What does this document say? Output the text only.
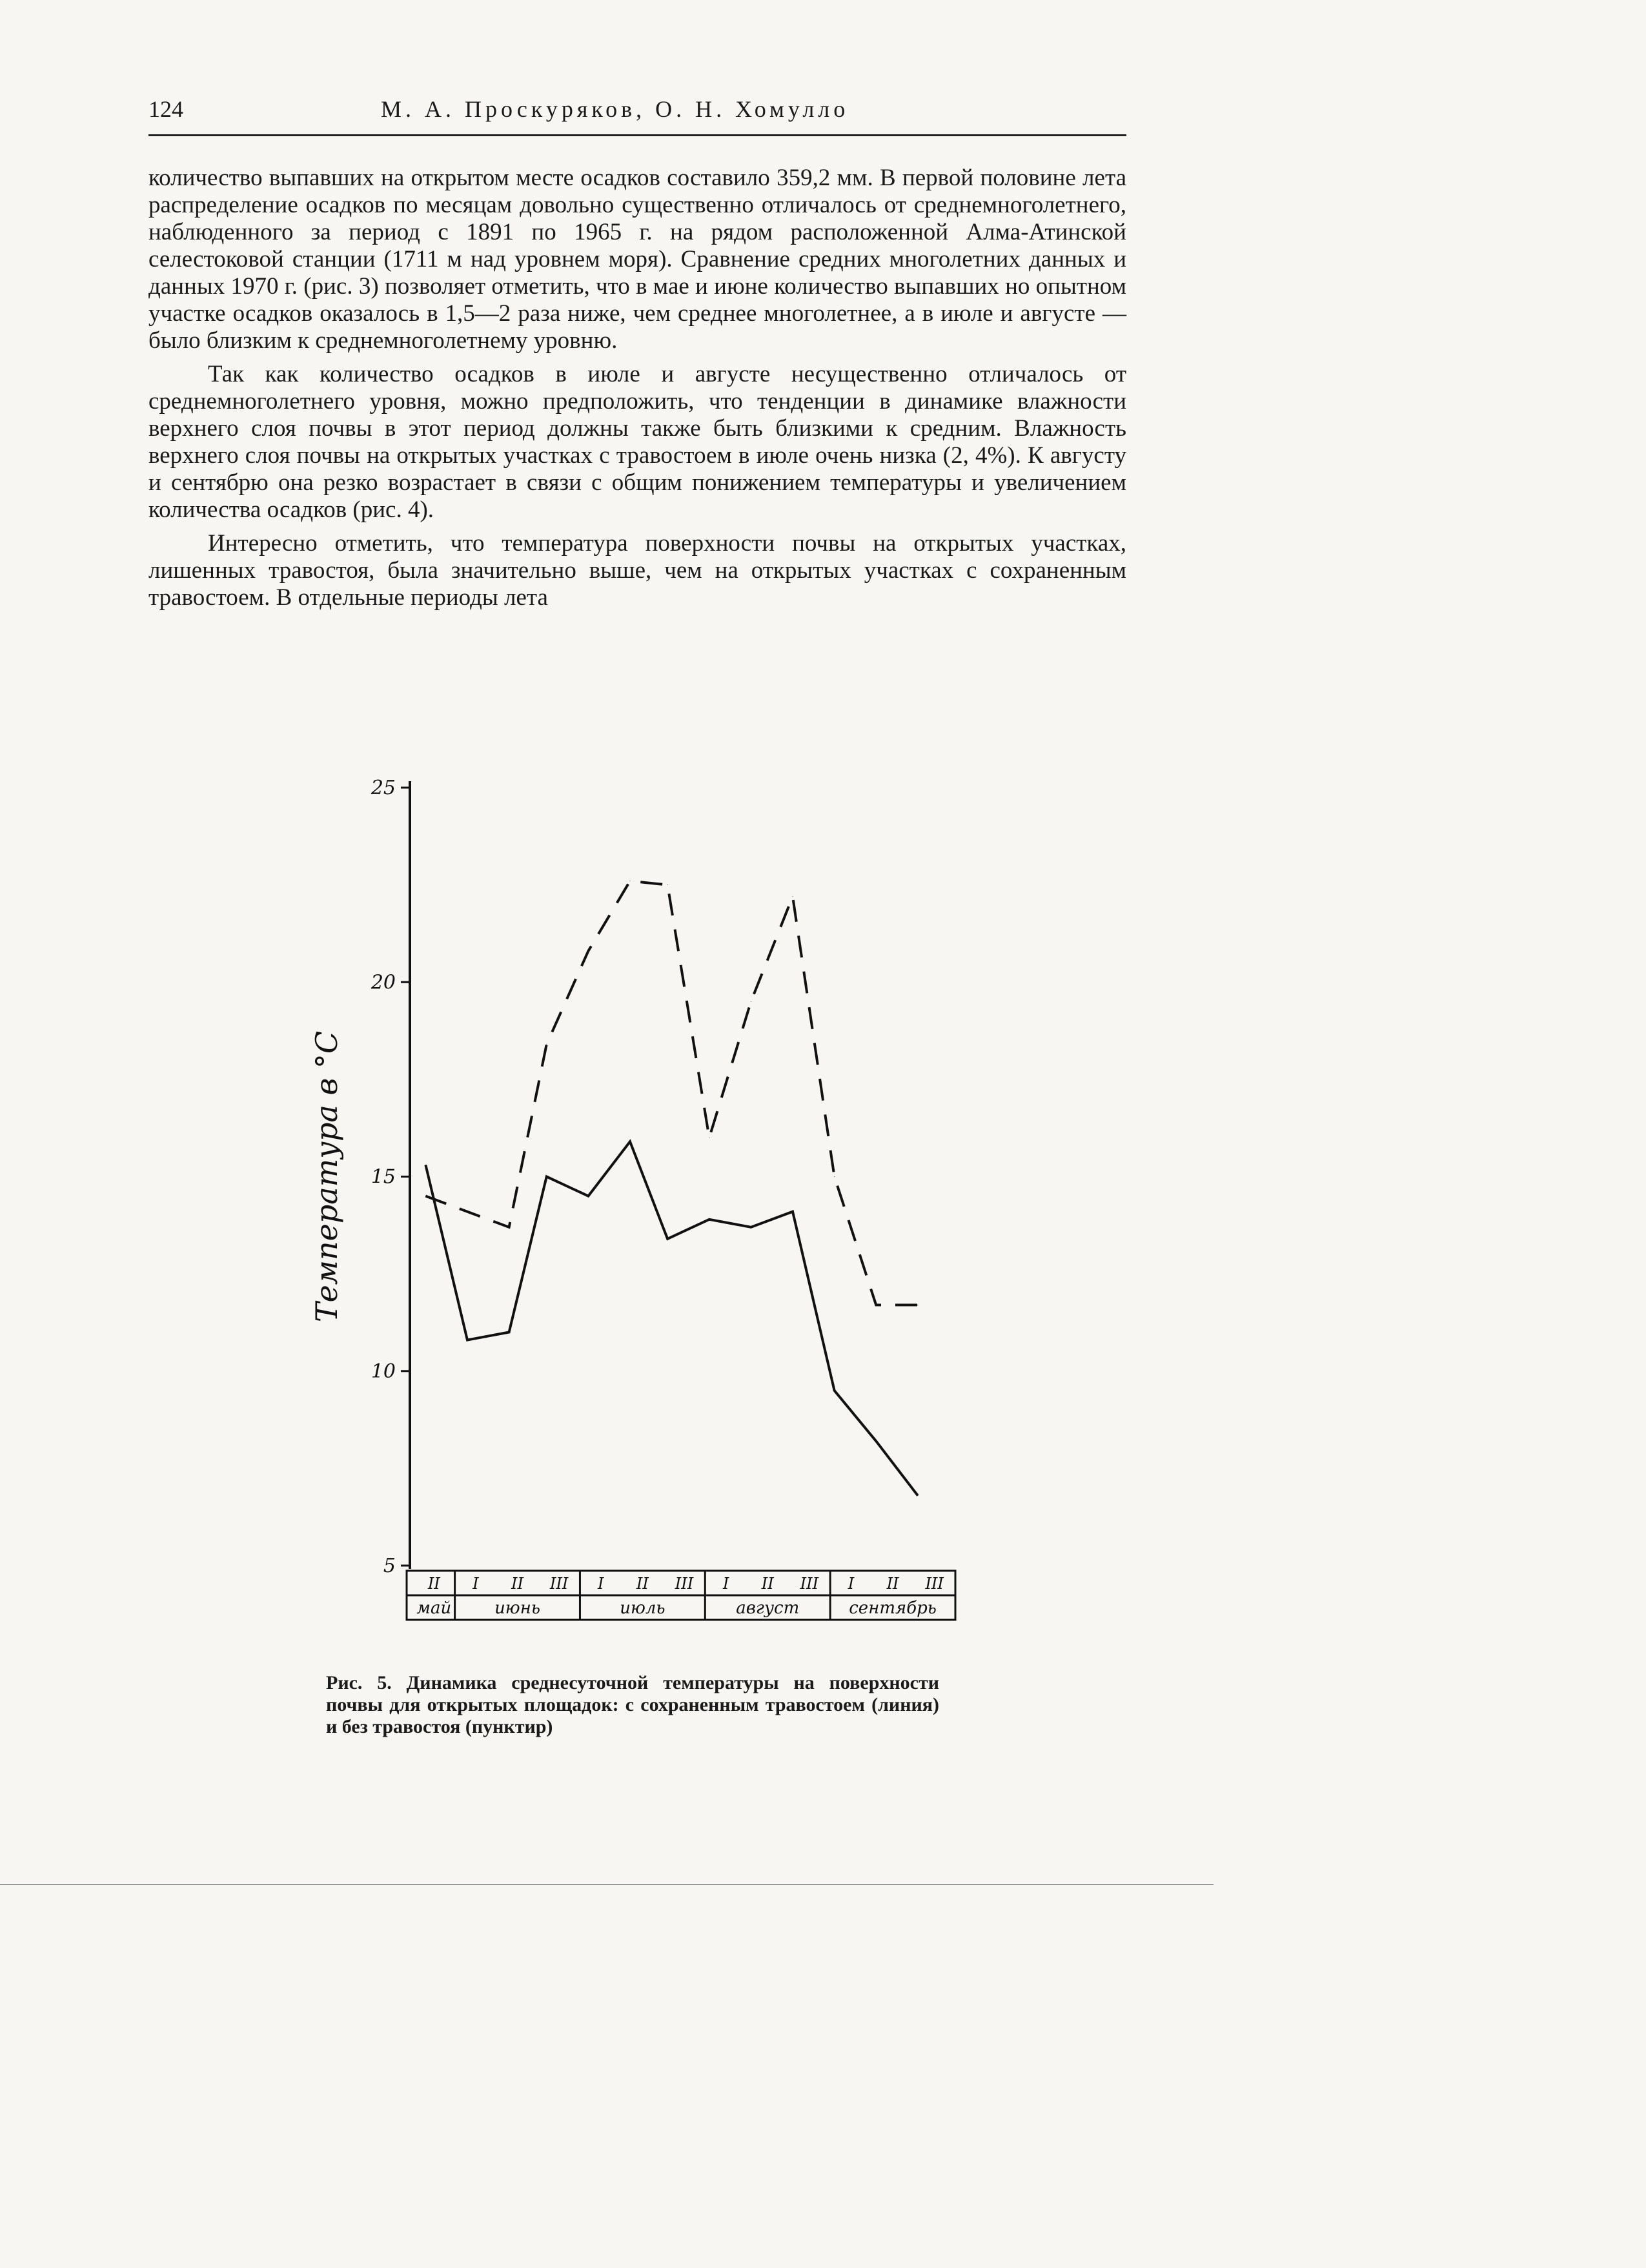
124	М. А. Проскуряков, О. Н. Хомулло

количество выпавших на открытом месте осадков составило 359,2 мм. В первой половине лета распределение осадков по месяцам довольно существенно отличалось от среднемноголетнего, наблюденного за период с 1891 по 1965 г. на рядом расположенной Алма-Атинской селестоковой станции (1711 м над уровнем моря). Сравнение средних многолетних данных и данных 1970 г. (рис. 3) позволяет отметить, что в мае и июне количество выпавших но опытном участке осадков оказалось в 1,5—2 раза ниже, чем среднее многолетнее, а в июле и августе — было близким к среднемноголетнему уровню.

Так как количество осадков в июле и августе несущественно отличалось от среднемноголетнего уровня, можно предположить, что тенденции в динамике влажности верхнего слоя почвы в этот период должны также быть близкими к средним. Влажность верхнего слоя почвы на открытых участках с травостоем в июле очень низка (2, 4%). К августу и сентябрю она резко возрастает в связи с общим понижением температуры и увеличением количества осадков (рис. 4).

Интересно отметить, что температура поверхности почвы на открытых участках, лишенных травостоя, была значительно выше, чем на открытых участках с сохраненным травостоем. В отдельные периоды лета

25
20
15
10
5
Температура в °С
II I II III I II III I II III I II III
май	июнь	июль	август	сентябрь
Рис. 5. Динамика среднесуточной температуры на поверхности почвы для открытых площадок: с сохраненным травостоем (линия) и без травостоя (пунктир)
